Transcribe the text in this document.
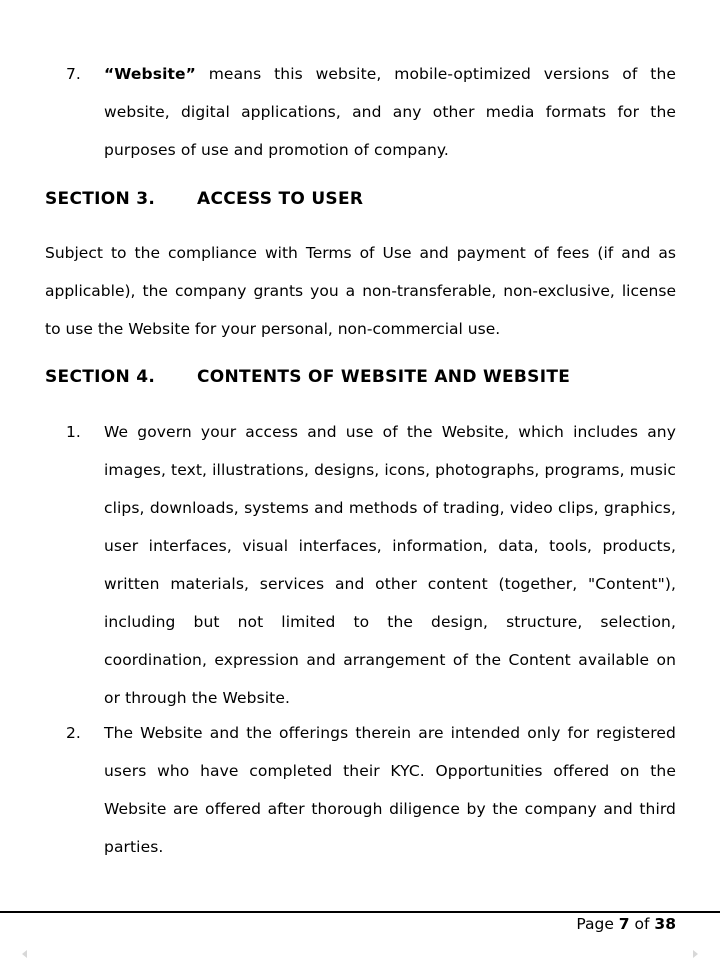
7. “Website” means this website, mobile-optimized versions of the website, digital applications, and any other media formats for the purposes of use and promotion of company.
SECTION 3. ACCESS TO USER
Subject to the compliance with Terms of Use and payment of fees (if and as applicable), the company grants you a non-transferable, non-exclusive, license to use the Website for your personal, non-commercial use.
SECTION 4. CONTENTS OF WEBSITE AND WEBSITE
1. We govern your access and use of the Website, which includes any images, text, illustrations, designs, icons, photographs, programs, music clips, downloads, systems and methods of trading, video clips, graphics, user interfaces, visual interfaces, information, data, tools, products, written materials, services and other content (together, "Content"), including but not limited to the design, structure, selection, coordination, expression and arrangement of the Content available on or through the Website.
2. The Website and the offerings therein are intended only for registered users who have completed their KYC. Opportunities offered on the Website are offered after thorough diligence by the company and third parties.
Page 7 of 38
